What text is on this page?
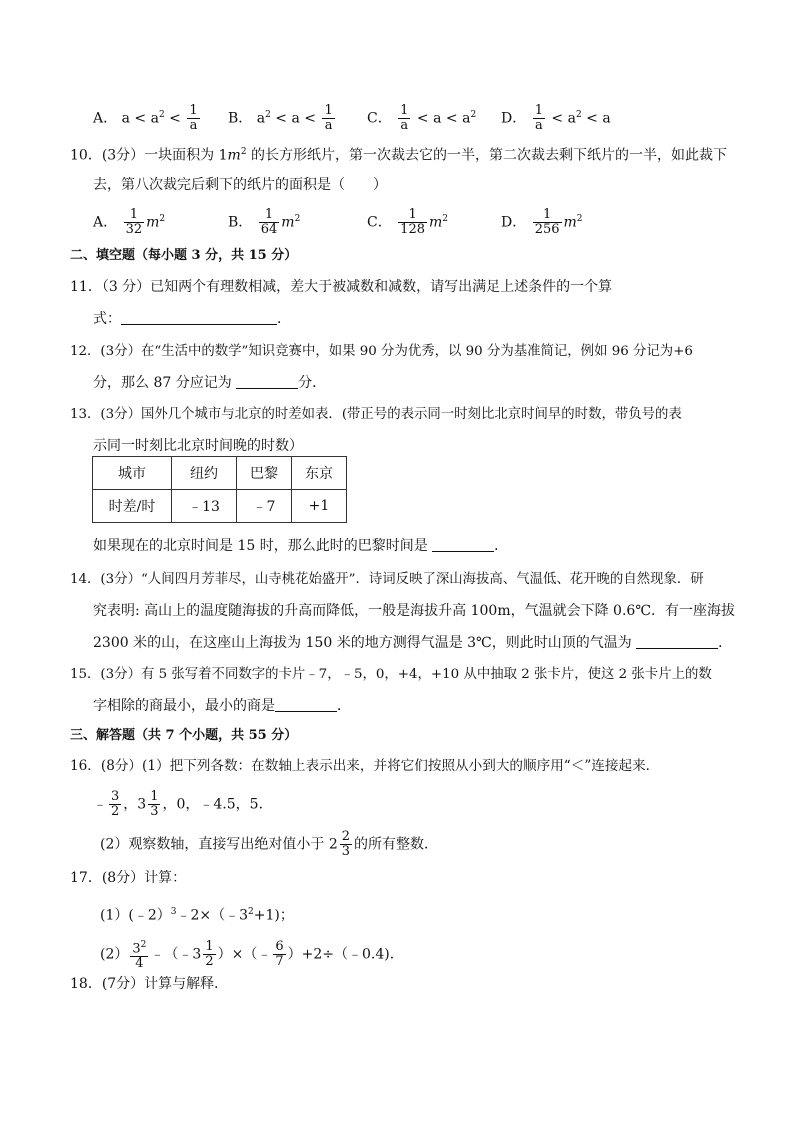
A． $a < a^2 < \frac{1}{a}$ B． $a^2 < a < \frac{1}{a}$ C． $\frac{1}{a} < a < a^2$ D． $\frac{1}{a} < a^2 < a$
10．(3分）一块面积为 $1m^2$ 的长方形纸片，第一次裁去它的一半，第二次裁去剩下纸片的一半，如此裁下
去，第八次裁完后剩下的纸片的面积是（　　）
A． $\frac{1}{32} m^2$	B． $\frac{1}{64} m^2$	C． $\frac{1}{128} m^2$	D． $\frac{1}{256} m^2$
二、填空题（每小题 3 分，共 15 分）
11．（3 分）已知两个有理数相减，差大于被减数和减数，请写出满足上述条件的一个算
式：	．
12．(3分）在“生活中的数学”知识竞赛中，如果 90 分为优秀，以 90 分为基准简记，例如 96 分记为+6
分，那么 87 分应记为	分．
13．(3分）国外几个城市与北京的时差如表．(带正号的表示同一时刻比北京时间早的时数，带负号的表
示同一时刻比北京时间晚的时数）
城市	纽约	巴黎	东京
时差/时	﹣13	﹣7	+1
如果现在的北京时间是 15 时，那么此时的巴黎时间是	．
14．(3分）“人间四月芳菲尽，山寺桃花始盛开”．诗词反映了深山海拔高、气温低、花开晚的自然现象．研
究表明: 高山上的温度随海拔的升高而降低，一般是海拔升高 100m，气温就会下降 0.6℃．有一座海拔
2300 米的山，在这座山上海拔为 150 米的地方测得气温是 3℃，则此时山顶的气温为	．
15．(3分）有 5 张写着不同数字的卡片﹣7，﹣5，0，+4，+10 从中抽取 2 张卡片，使这 2 张卡片上的数
字相除的商最小，最小的商是	．
三、解答题（共 7 个小题，共 55 分）
16．(8分）(1）把下列各数：在数轴上表示出来，并将它们按照从小到大的顺序用“＜”连接起来．
﹣ $\frac{3}{2}$ ，$3 \frac{1}{3}$ ，0，﹣4.5，5．
(2）观察数轴，直接写出绝对值小于 $2 \frac{2}{3}$ 的所有整数．
17．(8分）计算：
$(1)(﹣2)^3﹣2\times(﹣3^2+1)$；
$(2) \frac{3^2}{4}$ ﹣（﹣3 $\frac{1}{2}$ ）×（﹣ $\frac{6}{7}$ ）+2÷（﹣0.4)．
18．(7分）计算与解释．
